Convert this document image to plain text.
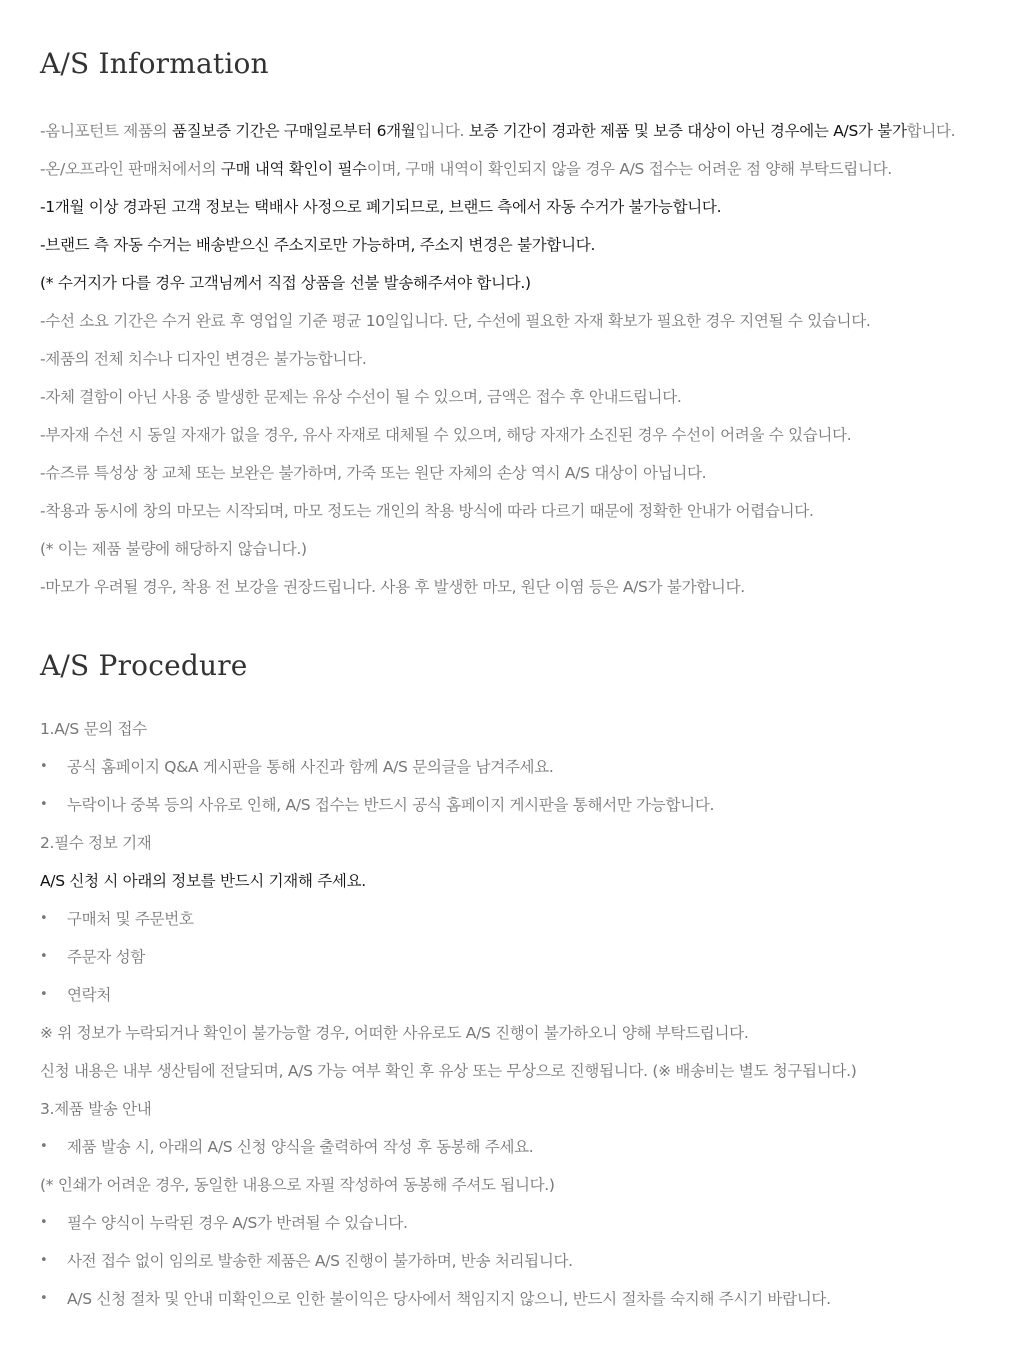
A/S Information
-옴니포턴트 제품의 품질보증 기간은 구매일로부터 6개월입니다. 보증 기간이 경과한 제품 및 보증 대상이 아닌 경우에는 A/S가 불가합니다.
-온/오프라인 판매처에서의 구매 내역 확인이 필수이며, 구매 내역이 확인되지 않을 경우 A/S 접수는 어려운 점 양해 부탁드립니다.
-1개월 이상 경과된 고객 정보는 택배사 사정으로 폐기되므로, 브랜드 측에서 자동 수거가 불가능합니다.
-브랜드 측 자동 수거는 배송받으신 주소지로만 가능하며, 주소지 변경은 불가합니다.
(* 수거지가 다를 경우 고객님께서 직접 상품을 선불 발송해주셔야 합니다.)
-수선 소요 기간은 수거 완료 후 영업일 기준 평균 10일입니다. 단, 수선에 필요한 자재 확보가 필요한 경우 지연될 수 있습니다.
-제품의 전체 치수나 디자인 변경은 불가능합니다.
-자체 결함이 아닌 사용 중 발생한 문제는 유상 수선이 될 수 있으며, 금액은 접수 후 안내드립니다.
-부자재 수선 시 동일 자재가 없을 경우, 유사 자재로 대체될 수 있으며, 해당 자재가 소진된 경우 수선이 어려울 수 있습니다.
-슈즈류 특성상 창 교체 또는 보완은 불가하며, 가죽 또는 원단 자체의 손상 역시 A/S 대상이 아닙니다.
-착용과 동시에 창의 마모는 시작되며, 마모 정도는 개인의 착용 방식에 따라 다르기 때문에 정확한 안내가 어렵습니다.
(* 이는 제품 불량에 해당하지 않습니다.)
-마모가 우려될 경우, 착용 전 보강을 권장드립니다. 사용 후 발생한 마모, 원단 이염 등은 A/S가 불가합니다.
A/S Procedure
1.A/S 문의 접수
• 공식 홈페이지 Q&A 게시판을 통해 사진과 함께 A/S 문의글을 남겨주세요.
• 누락이나 중복 등의 사유로 인해, A/S 접수는 반드시 공식 홈페이지 게시판을 통해서만 가능합니다.
2.필수 정보 기재
A/S 신청 시 아래의 정보를 반드시 기재해 주세요.
• 구매처 및 주문번호
• 주문자 성함
• 연락처
※ 위 정보가 누락되거나 확인이 불가능할 경우, 어떠한 사유로도 A/S 진행이 불가하오니 양해 부탁드립니다.
신청 내용은 내부 생산팀에 전달되며, A/S 가능 여부 확인 후 유상 또는 무상으로 진행됩니다. (※ 배송비는 별도 청구됩니다.)
3.제품 발송 안내
• 제품 발송 시, 아래의 A/S 신청 양식을 출력하여 작성 후 동봉해 주세요.
(* 인쇄가 어려운 경우, 동일한 내용으로 자필 작성하여 동봉해 주셔도 됩니다.)
• 필수 양식이 누락된 경우 A/S가 반려될 수 있습니다.
• 사전 접수 없이 임의로 발송한 제품은 A/S 진행이 불가하며, 반송 처리됩니다.
• A/S 신청 절차 및 안내 미확인으로 인한 불이익은 당사에서 책임지지 않으니, 반드시 절차를 숙지해 주시기 바랍니다.
